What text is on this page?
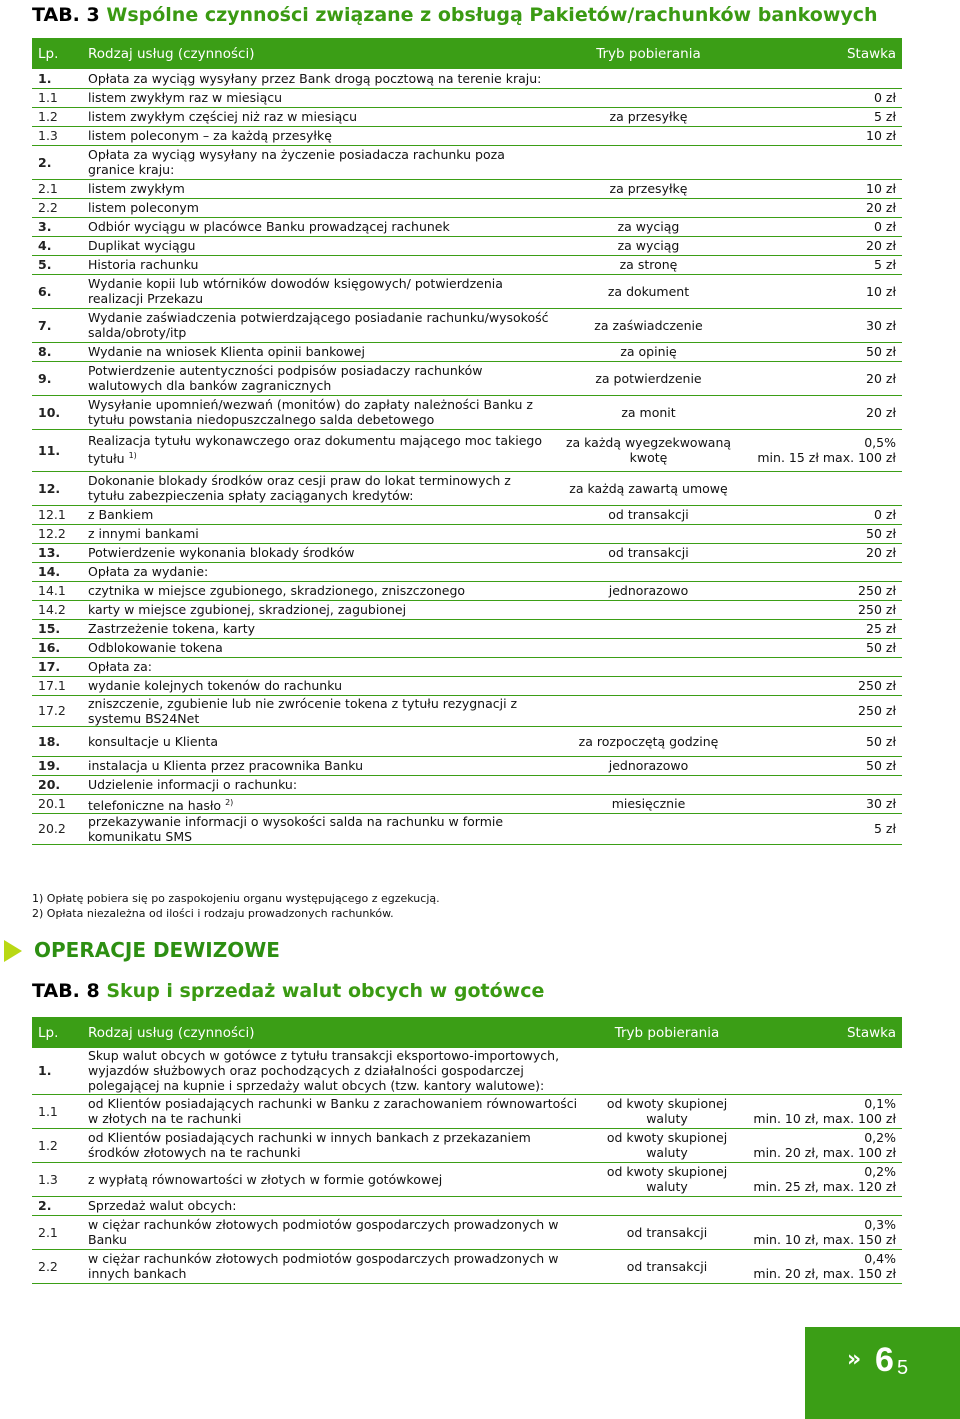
TAB. 3 Wspólne czynności związane z obsługą Pakietów/rachunków bankowych
Lp.	Rodzaj usług (czynności)	Tryb pobierania	Stawka
1.	Opłata za wyciąg wysyłany przez Bank drogą pocztową na terenie kraju:		

1.1	listem zwykłym raz w miesiącu		0 zł

1.2	listem zwykłym częściej niż raz w miesiącu	za przesyłkę	5 zł

1.3	listem poleconym – za każdą przesyłkę		10 zł

2.	Opłata za wyciąg wysyłany na życzenie posiadacza rachunku poza granice kraju:		

2.1	listem zwykłym	za przesyłkę	10 zł

2.2	listem poleconym		20 zł

3.	Odbiór wyciągu w placówce Banku prowadzącej rachunek	za wyciąg	0 zł

4.	Duplikat wyciągu	za wyciąg	20 zł

5.	Historia rachunku	za stronę	5 zł

6.	Wydanie kopii lub wtórników dowodów księgowych/ potwierdzenia realizacji Przekazu	za dokument	10 zł

7.	Wydanie zaświadczenia potwierdzającego posiadanie rachunku/wysokość salda/obroty/itp	za zaświadczenie	30 zł

8.	Wydanie na wniosek Klienta opinii bankowej	za opinię	50 zł

9.	Potwierdzenie autentyczności podpisów posiadaczy rachunków walutowych dla banków zagranicznych	za potwierdzenie	20 zł

10.	Wysyłanie upomnień/wezwań (monitów) do zapłaty należności Banku z tytułu powstania niedopuszczalnego salda debetowego	za monit	20 zł

11.	Realizacja tytułu wykonawczego oraz dokumentu mającego moc takiego tytułu $^{1)}$	za każdą wyegzekwowaną kwotę	0,5%
min. 15 zł max. 100 zł

12.	Dokonanie blokady środków oraz cesji praw do lokat terminowych z tytułu zabezpieczenia spłaty zaciąganych kredytów:	za każdą zawartą umowę	

12.1	z Bankiem	od transakcji	0 zł

12.2	z innymi bankami		50 zł

13.	Potwierdzenie wykonania blokady środków	od transakcji	20 zł

14.	Opłata za wydanie:		

14.1	czytnika w miejsce zgubionego, skradzionego, zniszczonego	jednorazowo	250 zł

14.2	karty w miejsce zgubionej, skradzionej, zagubionej		250 zł

15.	Zastrzeżenie tokena, karty		25 zł

16.	Odblokowanie tokena		50 zł

17.	Opłata za:		

17.1	wydanie kolejnych tokenów do rachunku		250 zł

17.2	zniszczenie, zgubienie lub nie zwrócenie tokena z tytułu rezygnacji z systemu BS24Net		250 zł

18.	konsultacje u Klienta	za rozpoczętą godzinę	50 zł

19.	instalacja u Klienta przez pracownika Banku	jednorazowo	50 zł

20.	Udzielenie informacji o rachunku:		

20.1	telefoniczne na hasło $^{2)}$	miesięcznie	30 zł

20.2	przekazywanie informacji o wysokości salda na rachunku w formie komunikatu SMS		5 zł
1) Opłatę pobiera się po zaspokojeniu organu występującego z egzekucją.
2) Opłata niezależna od ilości i rodzaju prowadzonych rachunków.
OPERACJE DEWIZOWE
TAB. 8 Skup i sprzedaż walut obcych w gotówce
Lp.	Rodzaj usług (czynności)	Tryb pobierania	Stawka
1.	Skup walut obcych w gotówce z tytułu transakcji eksportowo-importowych, wyjazdów służbowych oraz pochodzących z działalności gospodarczej polegającej na kupnie i sprzedaży walut obcych (tzw. kantory walutowe):		

1.1	od Klientów posiadających rachunki w Banku z zarachowaniem równowartości w złotych na te rachunki	od kwoty skupionej waluty	0,1%
min. 10 zł, max. 100 zł

1.2	od Klientów posiadających rachunki w innych bankach z przekazaniem środków złotowych na te rachunki	od kwoty skupionej waluty	0,2%
min. 20 zł, max. 100 zł

1.3	z wypłatą równowartości w złotych w formie gotówkowej	od kwoty skupionej waluty	0,2%
min. 25 zł, max. 120 zł

2.	Sprzedaż walut obcych:		

2.1	w ciężar rachunków złotowych podmiotów gospodarczych prowadzonych w Banku	od transakcji	0,3%
min. 10 zł, max. 150 zł

2.2	w ciężar rachunków złotowych podmiotów gospodarczych prowadzonych w innych bankach	od transakcji	0,4%
min. 20 zł, max. 150 zł
» 6 5
